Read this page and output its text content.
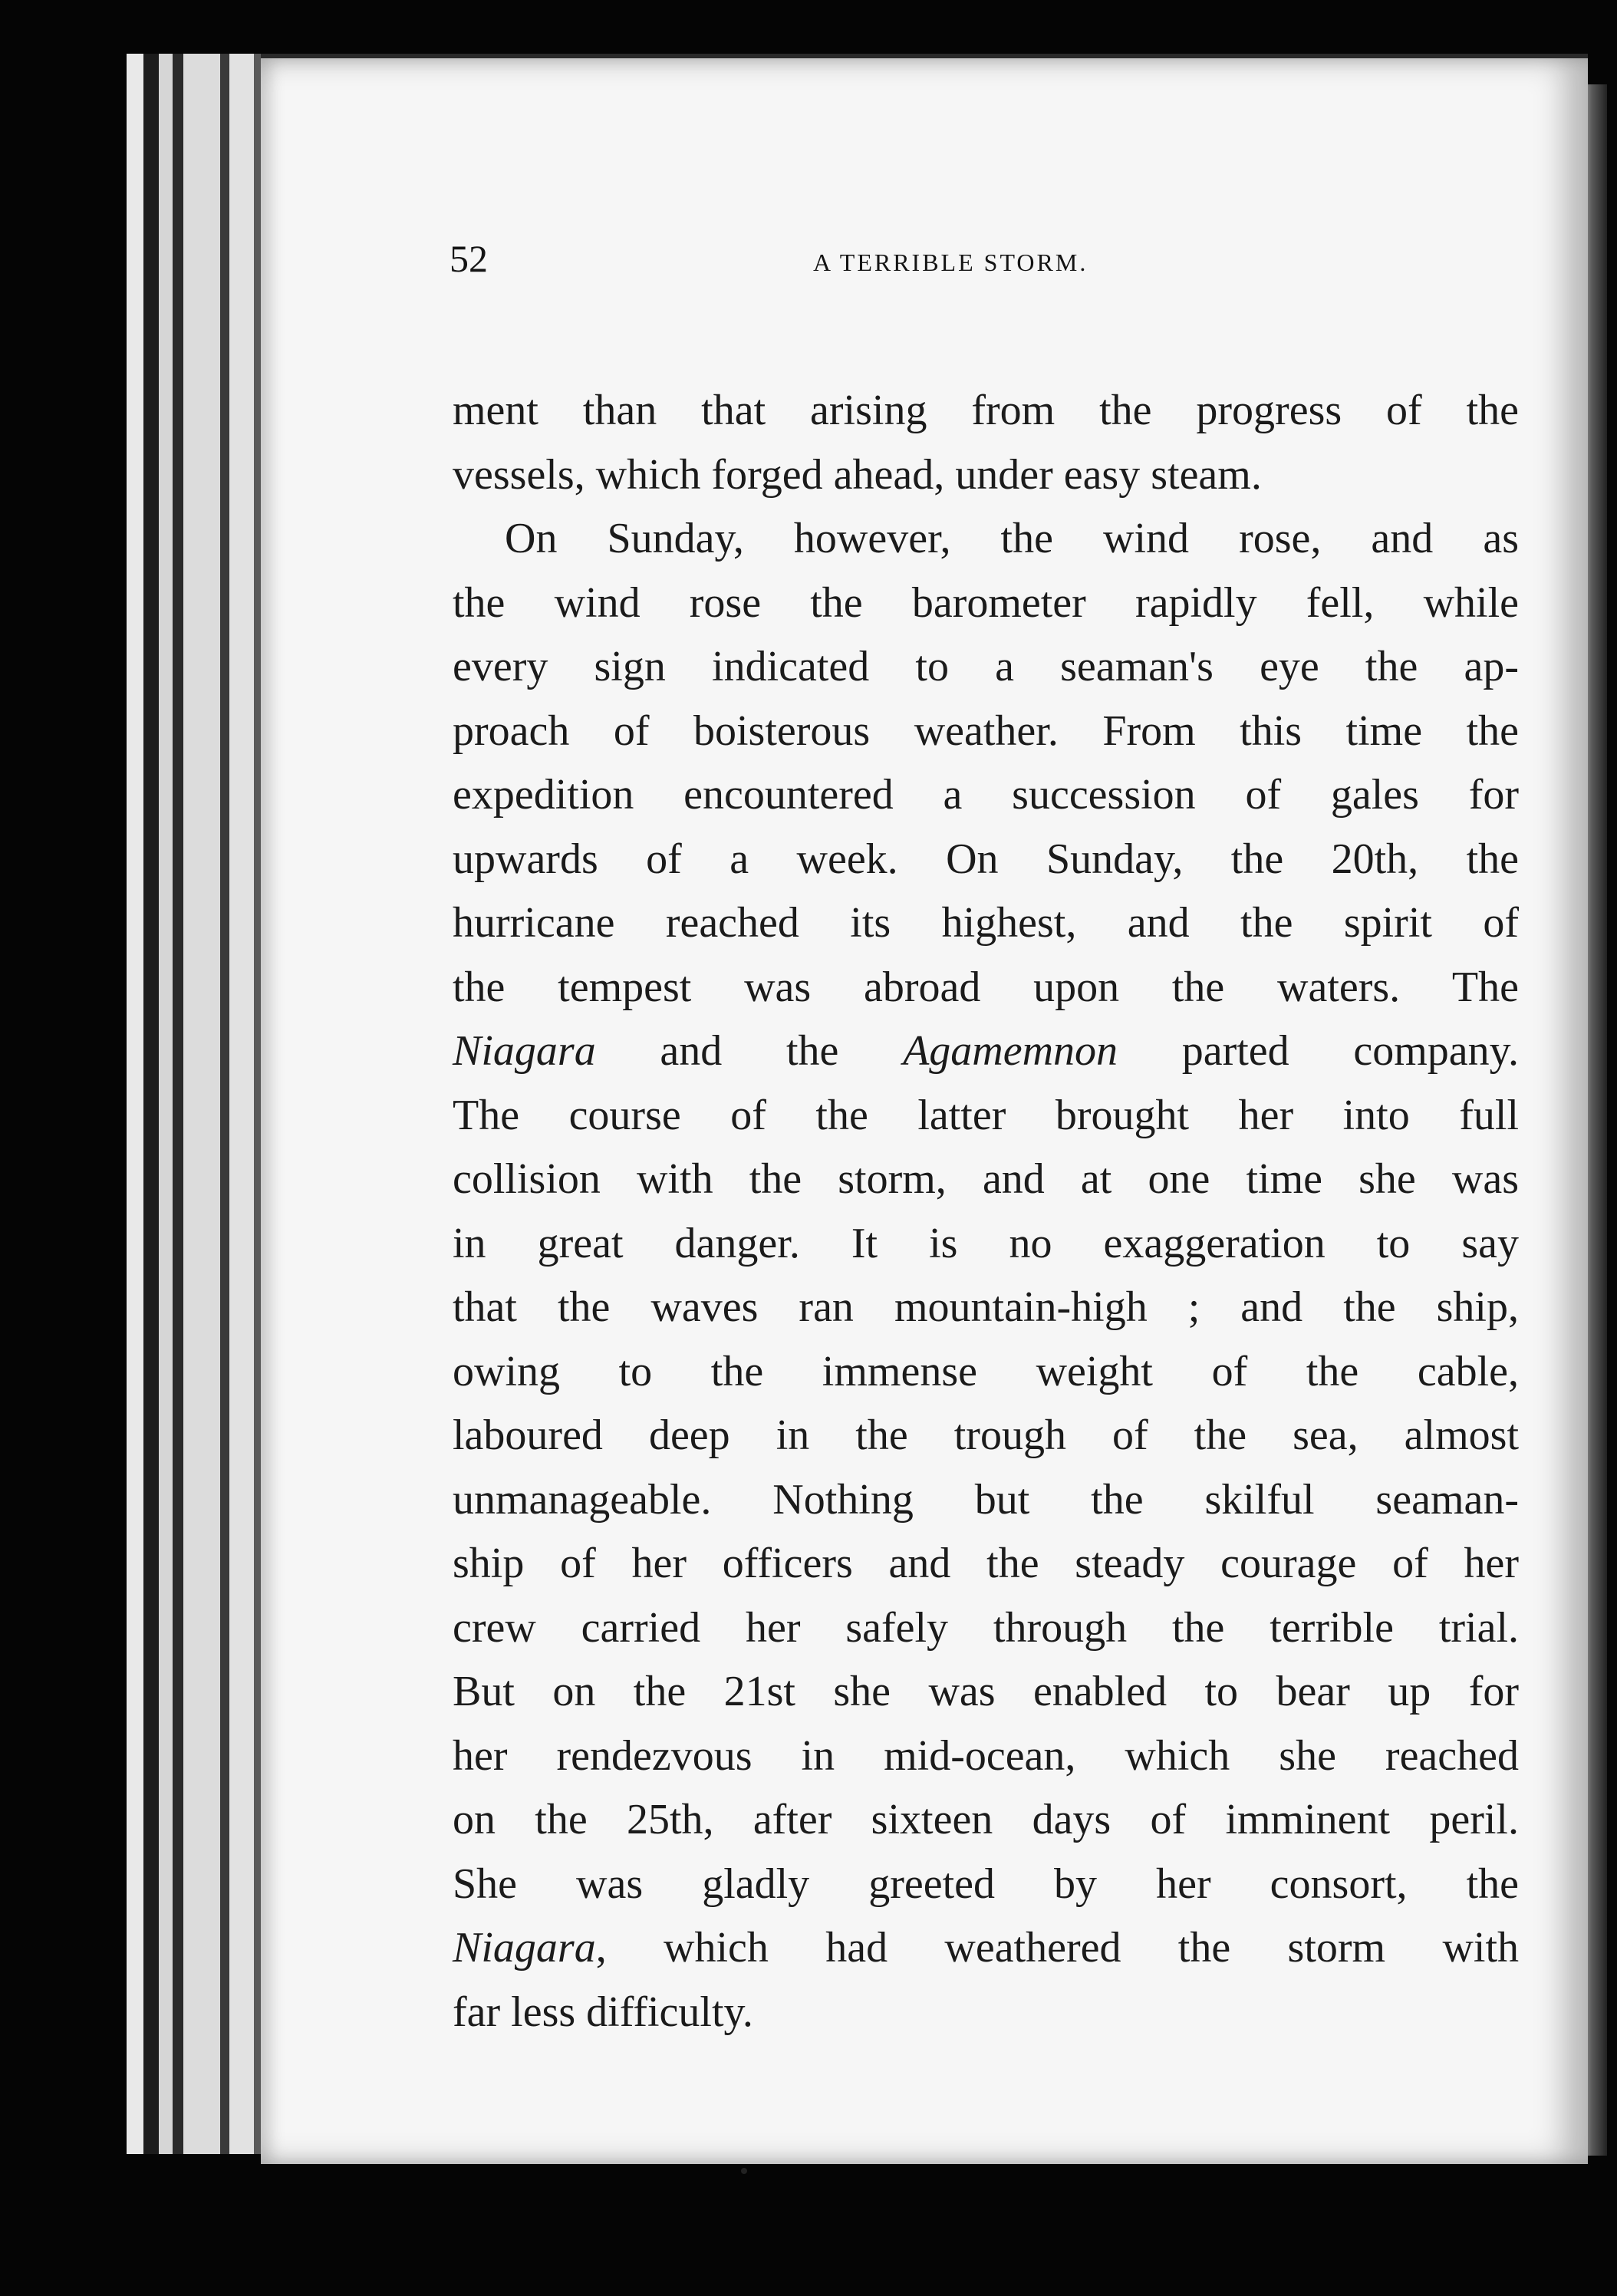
52	A TERRIBLE STORM.
ment than that arising from the progress of the
vessels, which forged ahead, under easy steam.
On Sunday, however, the wind rose, and as
the wind rose the barometer rapidly fell, while
every sign indicated to a seaman's eye the ap-
proach of boisterous weather. From this time the
expedition encountered a succession of gales for
upwards of a week. On Sunday, the 20th, the
hurricane reached its highest, and the spirit of
the tempest was abroad upon the waters. The
Niagara and the Agamemnon parted company.
The course of the latter brought her into full
collision with the storm, and at one time she was
in great danger. It is no exaggeration to say
that the waves ran mountain-high ; and the ship,
owing to the immense weight of the cable,
laboured deep in the trough of the sea, almost
unmanageable. Nothing but the skilful seaman-
ship of her officers and the steady courage of her
crew carried her safely through the terrible trial.
But on the 21st she was enabled to bear up for
her rendezvous in mid-ocean, which she reached
on the 25th, after sixteen days of imminent peril.
She was gladly greeted by her consort, the
Niagara, which had weathered the storm with
far less difficulty.
